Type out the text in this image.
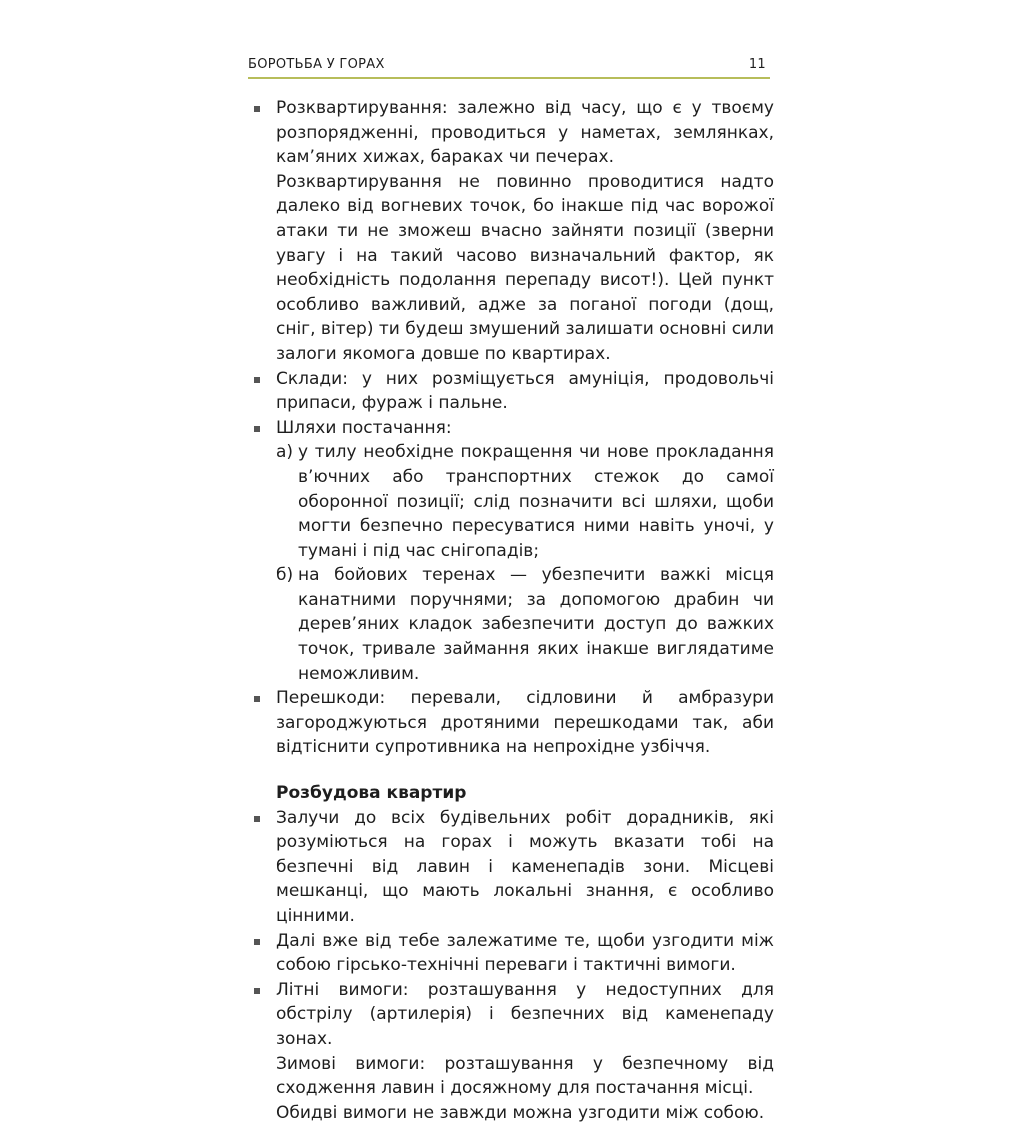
БОРОТЬБА У ГОРАХ	11

Розквартирування: залежно від часу, що є у твоєму розпорядженні, проводиться у наметах, землянках, кам’яних хижах, бараках чи печерах.

Розквартирування не повинно проводитися надто далеко від вогневих точок, бо інакше під час ворожої атаки ти не зможеш вчасно зайняти позиції (зверни увагу і на такий часово визначальний фактор, як необхідність подолання перепаду висот!). Цей пункт особливо важливий, адже за поганої погоди (дощ, сніг, вітер) ти будеш змушений залишати основні сили залоги якомога довше по квартирах.

Склади: у них розміщується амуніція, продовольчі припаси, фураж і пальне.

Шляхи постачання:

а) у тилу необхідне покращення чи нове прокладання в’ючних або транспортних стежок до самої оборонної позиції; слід позначити всі шляхи, щоби могти безпечно пересуватися ними навіть уночі, у тумані і під час снігопадів;

б) на бойових теренах — убезпечити важкі місця канатними поручнями; за допомогою драбин чи дерев’яних кладок забезпечити доступ до важких точок, тривале займання яких інакше виглядатиме неможливим.

Перешкоди: перевали, сідловини й амбразури загороджуються дротяними перешкодами так, аби відтіснити супротивника на непрохідне узбіччя.

Розбудова квартир

Залучи до всіх будівельних робіт дорадників, які розуміються на горах і можуть вказати тобі на безпечні від лавин і каменепадів зони. Місцеві мешканці, що мають локальні знання, є особливо цінними.

Далі вже від тебе залежатиме те, щоби узгодити між собою гірсько-технічні переваги і тактичні вимоги.

Літні вимоги: розташування у недоступних для обстрілу (артилерія) і безпечних від каменепаду зонах.

Зимові вимоги: розташування у безпечному від сходження лавин і досяжному для постачання місці.

Обидві вимоги не завжди можна узгодити між собою.
